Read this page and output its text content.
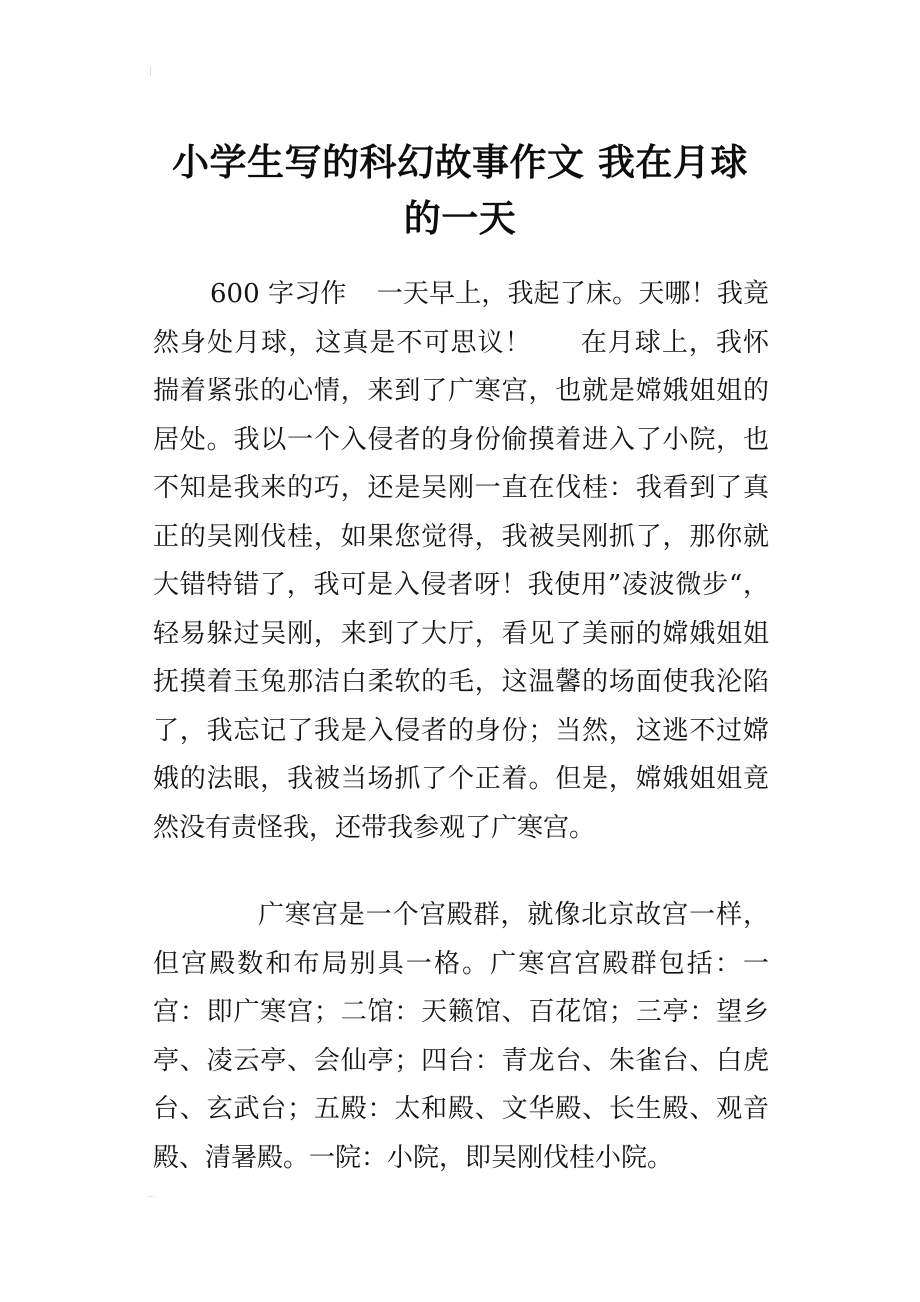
小学生写的科幻故事作文 我在月球
的一天

600 字习作 一天早上，我起了床。天哪！我竟然身处月球，这真是不可思议！ 在月球上，我怀揣着紧张的心情，来到了广寒宫，也就是嫦娥姐姐的居处。我以一个入侵者的身份偷摸着进入了小院，也不知是我来的巧，还是吴刚一直在伐桂：我看到了真正的吴刚伐桂，如果您觉得，我被吴刚抓了，那你就大错特错了，我可是入侵者呀！我使用”凌波微步“，轻易躲过吴刚，来到了大厅，看见了美丽的嫦娥姐姐抚摸着玉兔那洁白柔软的毛，这温馨的场面使我沦陷了，我忘记了我是入侵者的身份；当然，这逃不过嫦娥的法眼，我被当场抓了个正着。但是，嫦娥姐姐竟然没有责怪我，还带我参观了广寒宫。

广寒宫是一个宫殿群，就像北京故宫一样，但宫殿数和布局别具一格。广寒宫宫殿群包括：一宫：即广寒宫；二馆：天籁馆、百花馆；三亭：望乡亭、凌云亭、会仙亭；四台：青龙台、朱雀台、白虎台、玄武台；五殿：太和殿、文华殿、长生殿、观音殿、清暑殿。一院：小院，即吴刚伐桂小院。
